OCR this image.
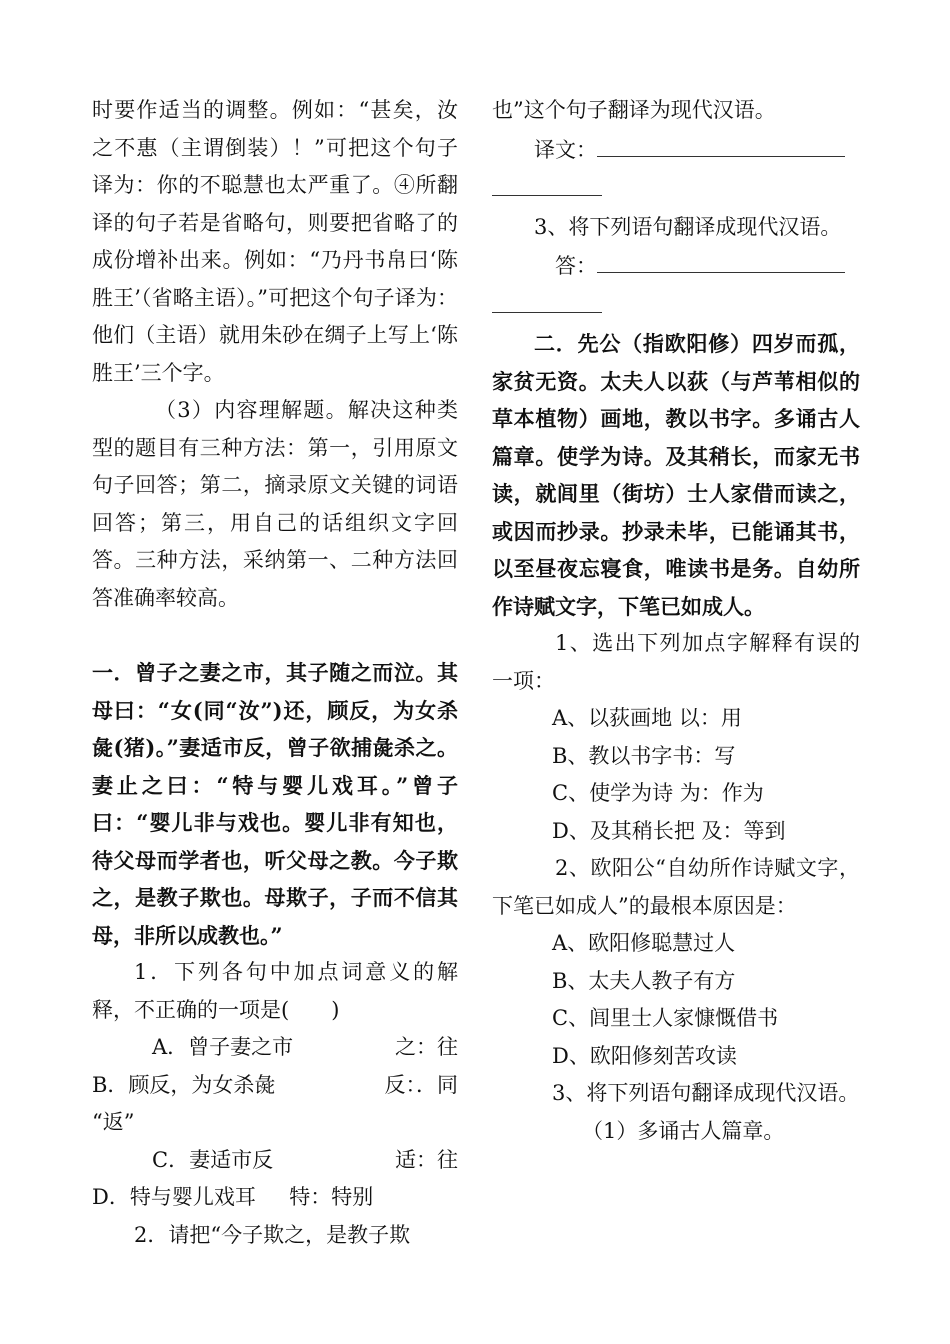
时要作适当的调整。例如：“甚矣，汝之不惠（主谓倒装）！”可把这个句子译为：你的不聪慧也太严重了。④所翻译的句子若是省略句，则要把省略了的成份增补出来。例如：“乃丹书帛曰‘陈胜王’（省略主语）。”可把这个句子译为：他们（主语）就用朱砂在绸子上写上‘陈胜王’三个字。

（3）内容理解题。解决这种类型的题目有三种方法：第一，引用原文句子回答；第二，摘录原文关键的词语回答；第三，用自己的话组织文字回答。三种方法，采纳第一、二种方法回答准确率较高。

一．曾子之妻之市，其子随之而泣。其母曰：“女(同“汝”)还，顾反，为女杀彘(猪)。”妻适市反，曾子欲捕彘杀之。妻止之曰：“特与婴儿戏耳。”曾子曰：“婴儿非与戏也。婴儿非有知也，待父母而学者也，听父母之教。今子欺之，是教子欺也。母欺子，子而不信其母，非所以成教也。”

1．下列各句中加点词意义的解释，不正确的一项是(　　)

A．曾子妻之市	之：往
B．顾反，为女杀彘	反：．同

“返”

C．妻适市反	适：往

D．特与婴儿戏耳 特：特别

2．请把“今子欺之，是教子欺

也”这个句子翻译为现代汉语。

译文：

3、将下列语句翻译成现代汉语。

答：

二．先公（指欧阳修）四岁而孤，家贫无资。太夫人以荻（与芦苇相似的草本植物）画地，教以书字。多诵古人篇章。使学为诗。及其稍长，而家无书读，就闾里（街坊）士人家借而读之，或因而抄录。抄录未毕，已能诵其书，以至昼夜忘寝食，唯读书是务。自幼所作诗赋文字，下笔已如成人。

1、选出下列加点字解释有误的一项：

A、以荻画地 以：用

B、教以书字书：写

C、使学为诗 为：作为

D、及其稍长把 及：等到

2、欧阳公“自幼所作诗赋文字，下笔已如成人”的最根本原因是：

A、欧阳修聪慧过人

B、太夫人教子有方

C、闾里士人家慷慨借书

D、欧阳修刻苦攻读

3、将下列语句翻译成现代汉语。

（1）多诵古人篇章。
